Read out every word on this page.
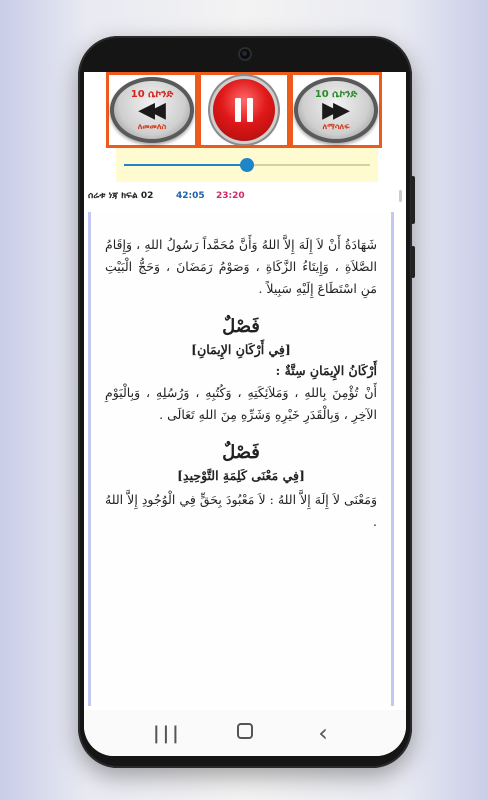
10 ሴኮንድ
◀◀
ለመመለስ
10 ሴኮንድ
▶▶
ለማሳለፍ
ሰሬቱ ነጃ ክፍል 02	42:05 23:20

شَهَادَةُ أَنْ لاَ إِلَهَ إِلاَّ اللهُ وَأَنَّ مُحَمَّداً رَسُولُ اللهِ ، وَإِقَامُ الصَّلاَةِ ، وَإِيتَاءُ الزَّكَاةِ ، وَصَوْمُ رَمَضَانَ ، وَحَجُّ الْبَيْتِ مَنِ اسْتَطَاعَ إِلَيْهِ سَبِيلاً .

فَصْلٌ
[فِي أَرْكَانِ الإِيمَانِ]
أَرْكَانُ الإِيمَانِ سِتَّةٌ :

أَنْ تُؤْمِنَ بِاللهِ ، وَمَلاَئِكَتِهِ ، وَكُتُبِهِ ، وَرُسُلِهِ ، وَبِالْيَوْمِ الآخِرِ ، وَبِالْقَدَرِ خَيْرِهِ وَشَرِّهِ مِنَ اللهِ تَعَالَى .

فَصْلٌ
[فِي مَعْنَى كَلِمَةِ التَّوْحِيدِ]

وَمَعْنَى لاَ إِلَهَ إِلاَّ اللهُ : لاَ مَعْبُودَ بِحَقٍّ فِي الْوُجُودِ إِلاَّ اللهُ .

|||	‹
